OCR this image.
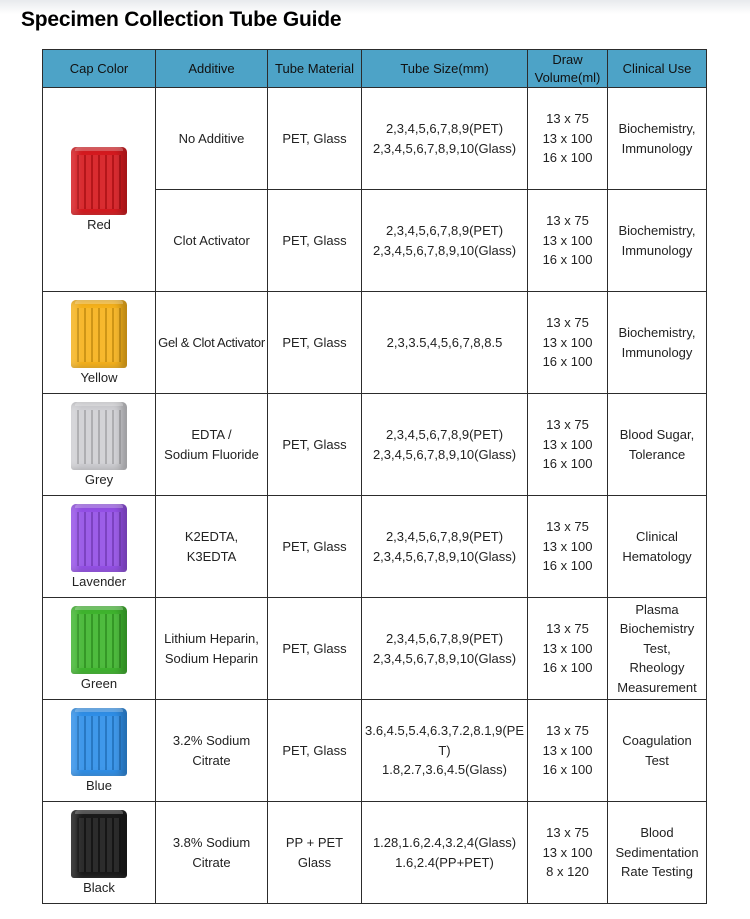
Specimen Collection Tube Guide
Cap Color	Additive	Tube Material	Tube Size(mm)	Draw Volume(ml)	Clinical Use

Red	No Additive	PET, Glass	2,3,4,5,6,7,8,9(PET)
2,3,4,5,6,7,8,9,10(Glass)	13 x 75
13 x 100
16 x 100	Biochemistry,
Immunology
	Clot Activator	PET, Glass	2,3,4,5,6,7,8,9(PET)
2,3,4,5,6,7,8,9,10(Glass)	13 x 75
13 x 100
16 x 100	Biochemistry,
Immunology

Yellow	Gel & Clot Activator	PET, Glass	2,3,3.5,4,5,6,7,8,8.5	13 x 75
13 x 100
16 x 100	Biochemistry,
Immunology

Grey	EDTA /
Sodium Fluoride	PET, Glass	2,3,4,5,6,7,8,9(PET)
2,3,4,5,6,7,8,9,10(Glass)	13 x 75
13 x 100
16 x 100	Blood Sugar,
Tolerance

Lavender	K2EDTA,
K3EDTA	PET, Glass	2,3,4,5,6,7,8,9(PET)
2,3,4,5,6,7,8,9,10(Glass)	13 x 75
13 x 100
16 x 100	Clinical
Hematology

Green	Lithium Heparin,
Sodium Heparin	PET, Glass	2,3,4,5,6,7,8,9(PET)
2,3,4,5,6,7,8,9,10(Glass)	13 x 75
13 x 100
16 x 100	Plasma
Biochemistry
Test,
Rheology
Measurement

Blue	3.2% Sodium
Citrate	PET, Glass	3.6,4.5,5.4,6.3,7.2,8.1,9(PE
T)
1.8,2.7,3.6,4.5(Glass)	13 x 75
13 x 100
16 x 100	Coagulation
Test

Black	3.8% Sodium
Citrate	PP + PET
Glass	1.28,1.6,2.4,3.2,4(Glass)
1.6,2.4(PP+PET)	13 x 75
13 x 100
8 x 120	Blood
Sedimentation
Rate Testing
